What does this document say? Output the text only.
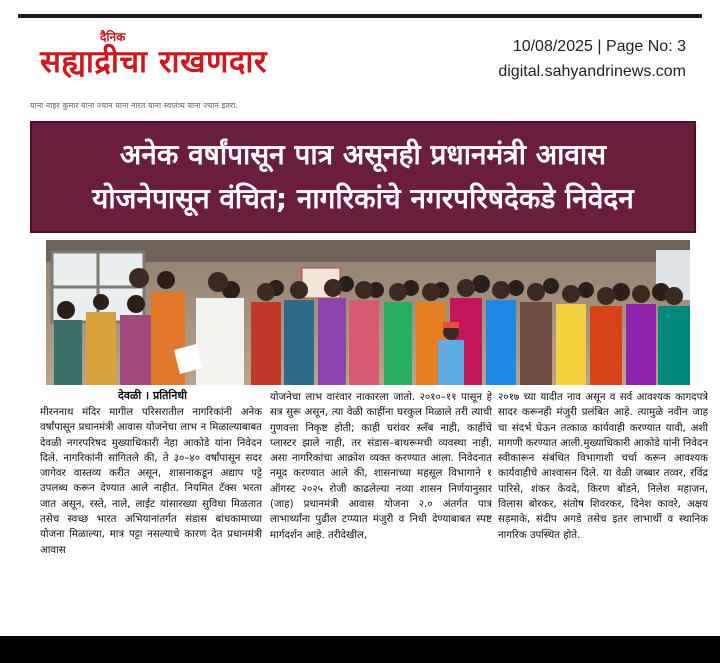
दैनिक
सह्याद्रीचा राखणदार	10/08/2025 | Page No: 3
digital.sahyandrinews.com
याना नाहर कुमार याना ज्यान याना नारत याना स्वातंत्र्य याना ज्यान इतरा.
अनेक वर्षांपासून पात्र असूनही प्रधानमंत्री आवास
योजनेपासून वंचित; नागरिकांचे नगरपरिषदेकडे निवेदन
देवळी । प्रतिनिधी
मीरननाथ मंदिर मागील परिसरातील नागरिकांनी अनेक वर्षांपासून प्रधानमंत्री आवास योजनेचा लाभ न मिळाल्याबाबत देवळी नगरपरिषद मुख्याधिकारी नेहा आकोडे यांना निवेदन दिले. नागरिकांनी सांगितले की, ते ३०–४० वर्षांपासून सदर जागेवर वास्तव्य करीत असून, शासनाकडून अद्याप पट्टे उपलब्ध करून देण्यात आले नाहीत. नियमित टॅक्स भरता जात असून, रस्ते, नाले, लाईट यांसारख्या सुविधा मिळतात तसेच स्वच्छ भारत अभियानांतर्गत संडास बांधकामाच्या योजना मिळाल्या, मात्र पट्टा नसल्याचे कारण देत प्रधानमंत्री आवास
योजनेचा लाभ वारंवार नाकारला जातो. २०१०–११ पासून हे सत्र सुरू असून, त्या वेळी काहींना घरकुल मिळाले तरी त्याची गुणवत्ता निकृष्ट होती; काही घरांवर स्लॅब नाही, काहींचे प्लास्टर झाले नाही, तर संडास–बाथरूमची व्यवस्था नाही, असा नागरिकांचा आक्रोश व्यक्त करण्यात आला. निवेदनात नमूद करण्यात आले की, शासनाच्या महसूल विभागाने १ ऑगस्ट २०२५ रोजी काढलेल्या नव्या शासन निर्णयानुसार (जाह) प्रधानमंत्री आवास योजना २.० अंतर्गत पात्र लाभार्थ्यांना पुढील टप्प्यात मंजुरी व निधी देण्याबाबत स्पष्ट मार्गदर्शन आहे. तरीदेखील,
२०१७ च्या यादीत नाव असून व सर्व आवश्यक कागदपत्रे सादर करूनही मंजुरी प्रलंबित आहे. त्यामुळे नवीन जाह चा संदर्भ घेऊन तत्काळ कार्यवाही करण्यात यावी, अशी मागणी करण्यात आली.मुख्याधिकारी आकोडे यांनी निवेदन स्वीकारून संबंधित विभागाशी चर्चा करून आवश्यक कार्यवाहीचे आश्वासन दिले. या वेळी जब्बार तव्वर, रविंद्र पारिसे, शंकर केवदे, किरण बोंडने, निलेश महाजन, विलास बोरकर, संतोष शिवरकर, दिनेश कावरे, अक्षय सड़माके, संदीप अगडे तसेच इतर लाभार्थी व स्थानिक नागरिक उपस्थित होते.
